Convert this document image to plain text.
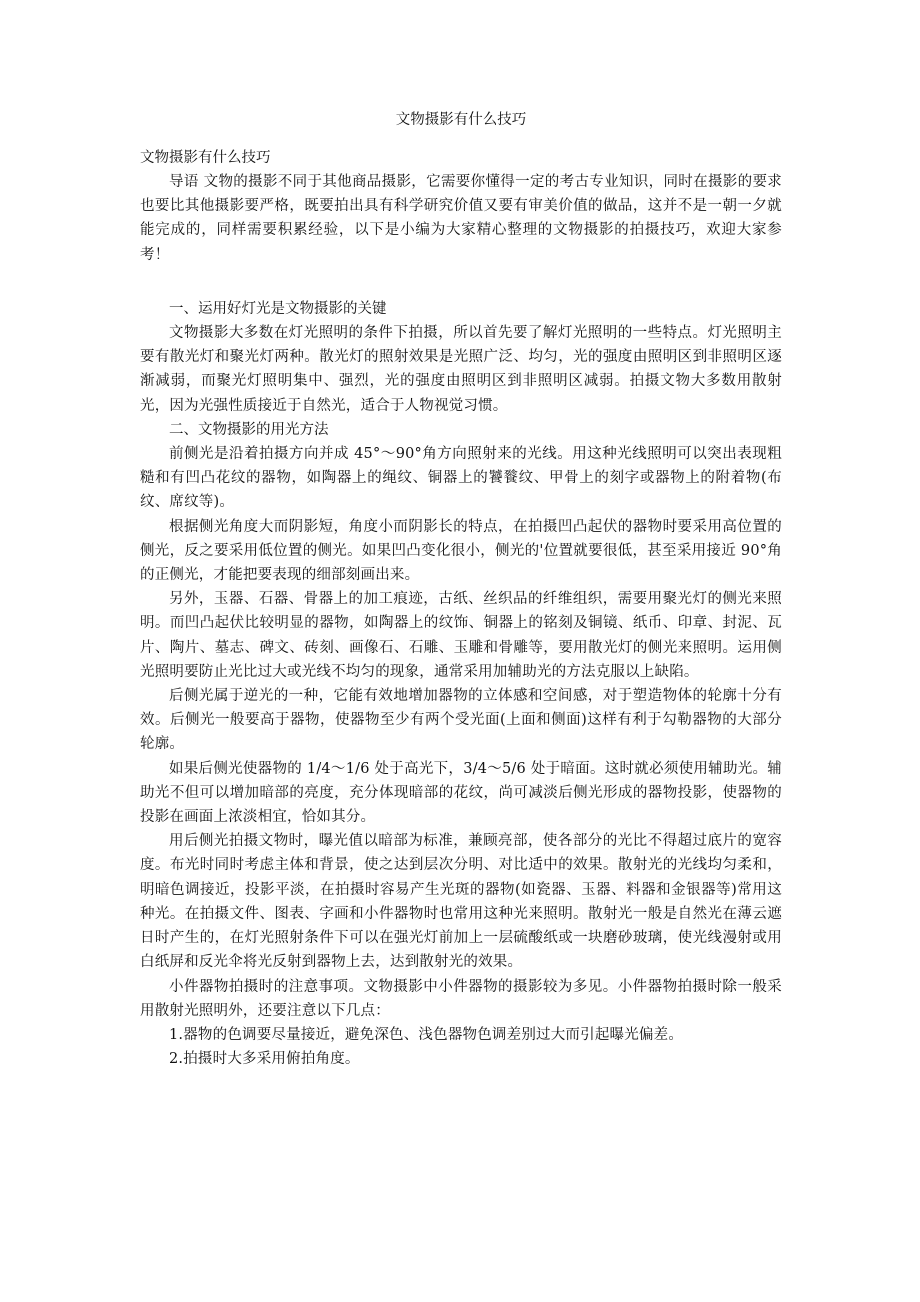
文物摄影有什么技巧
文物摄影有什么技巧

导语 文物的摄影不同于其他商品摄影，它需要你懂得一定的考古专业知识，同时在摄影的要求也要比其他摄影要严格，既要拍出具有科学研究价值又要有审美价值的做品，这并不是一朝一夕就能完成的，同样需要积累经验，以下是小编为大家精心整理的文物摄影的拍摄技巧，欢迎大家参考！

一、运用好灯光是文物摄影的关键

文物摄影大多数在灯光照明的条件下拍摄，所以首先要了解灯光照明的一些特点。灯光照明主要有散光灯和聚光灯两种。散光灯的照射效果是光照广泛、均匀，光的强度由照明区到非照明区逐渐减弱，而聚光灯照明集中、强烈，光的强度由照明区到非照明区减弱。拍摄文物大多数用散射光，因为光强性质接近于自然光，适合于人物视觉习惯。

二、文物摄影的用光方法

前侧光是沿着拍摄方向并成 45°～90°角方向照射来的光线。用这种光线照明可以突出表现粗糙和有凹凸花纹的器物，如陶器上的绳纹、铜器上的饕餮纹、甲骨上的刻字或器物上的附着物(布纹、席纹等)。

根据侧光角度大而阴影短，角度小而阴影长的特点，在拍摄凹凸起伏的器物时要采用高位置的侧光，反之要采用低位置的侧光。如果凹凸变化很小，侧光的'位置就要很低，甚至采用接近 90°角的正侧光，才能把要表现的细部刻画出来。

另外，玉器、石器、骨器上的加工痕迹，古纸、丝织品的纤维组织，需要用聚光灯的侧光来照明。而凹凸起伏比较明显的器物，如陶器上的纹饰、铜器上的铭刻及铜镜、纸币、印章、封泥、瓦片、陶片、墓志、碑文、砖刻、画像石、石雕、玉雕和骨雕等，要用散光灯的侧光来照明。运用侧光照明要防止光比过大或光线不均匀的现象，通常采用加辅助光的方法克服以上缺陷。

后侧光属于逆光的一种，它能有效地增加器物的立体感和空间感，对于塑造物体的轮廓十分有效。后侧光一般要高于器物，使器物至少有两个受光面(上面和侧面)这样有利于勾勒器物的大部分轮廓。

如果后侧光使器物的 1/4～1/6 处于高光下，3/4～5/6 处于暗面。这时就必须使用辅助光。辅助光不但可以增加暗部的亮度，充分体现暗部的花纹，尚可减淡后侧光形成的器物投影，使器物的投影在画面上浓淡相宜，恰如其分。

用后侧光拍摄文物时，曝光值以暗部为标准，兼顾亮部，使各部分的光比不得超过底片的宽容度。布光时同时考虑主体和背景，使之达到层次分明、对比适中的效果。散射光的光线均匀柔和，明暗色调接近，投影平淡，在拍摄时容易产生光斑的器物(如瓷器、玉器、料器和金银器等)常用这种光。在拍摄文件、图表、字画和小件器物时也常用这种光来照明。散射光一般是自然光在薄云遮日时产生的，在灯光照射条件下可以在强光灯前加上一层硫酸纸或一块磨砂玻璃，使光线漫射或用白纸屏和反光伞将光反射到器物上去，达到散射光的效果。

小件器物拍摄时的注意事项。文物摄影中小件器物的摄影较为多见。小件器物拍摄时除一般采用散射光照明外，还要注意以下几点：

1.器物的色调要尽量接近，避免深色、浅色器物色调差别过大而引起曝光偏差。

2.拍摄时大多采用俯拍角度。
